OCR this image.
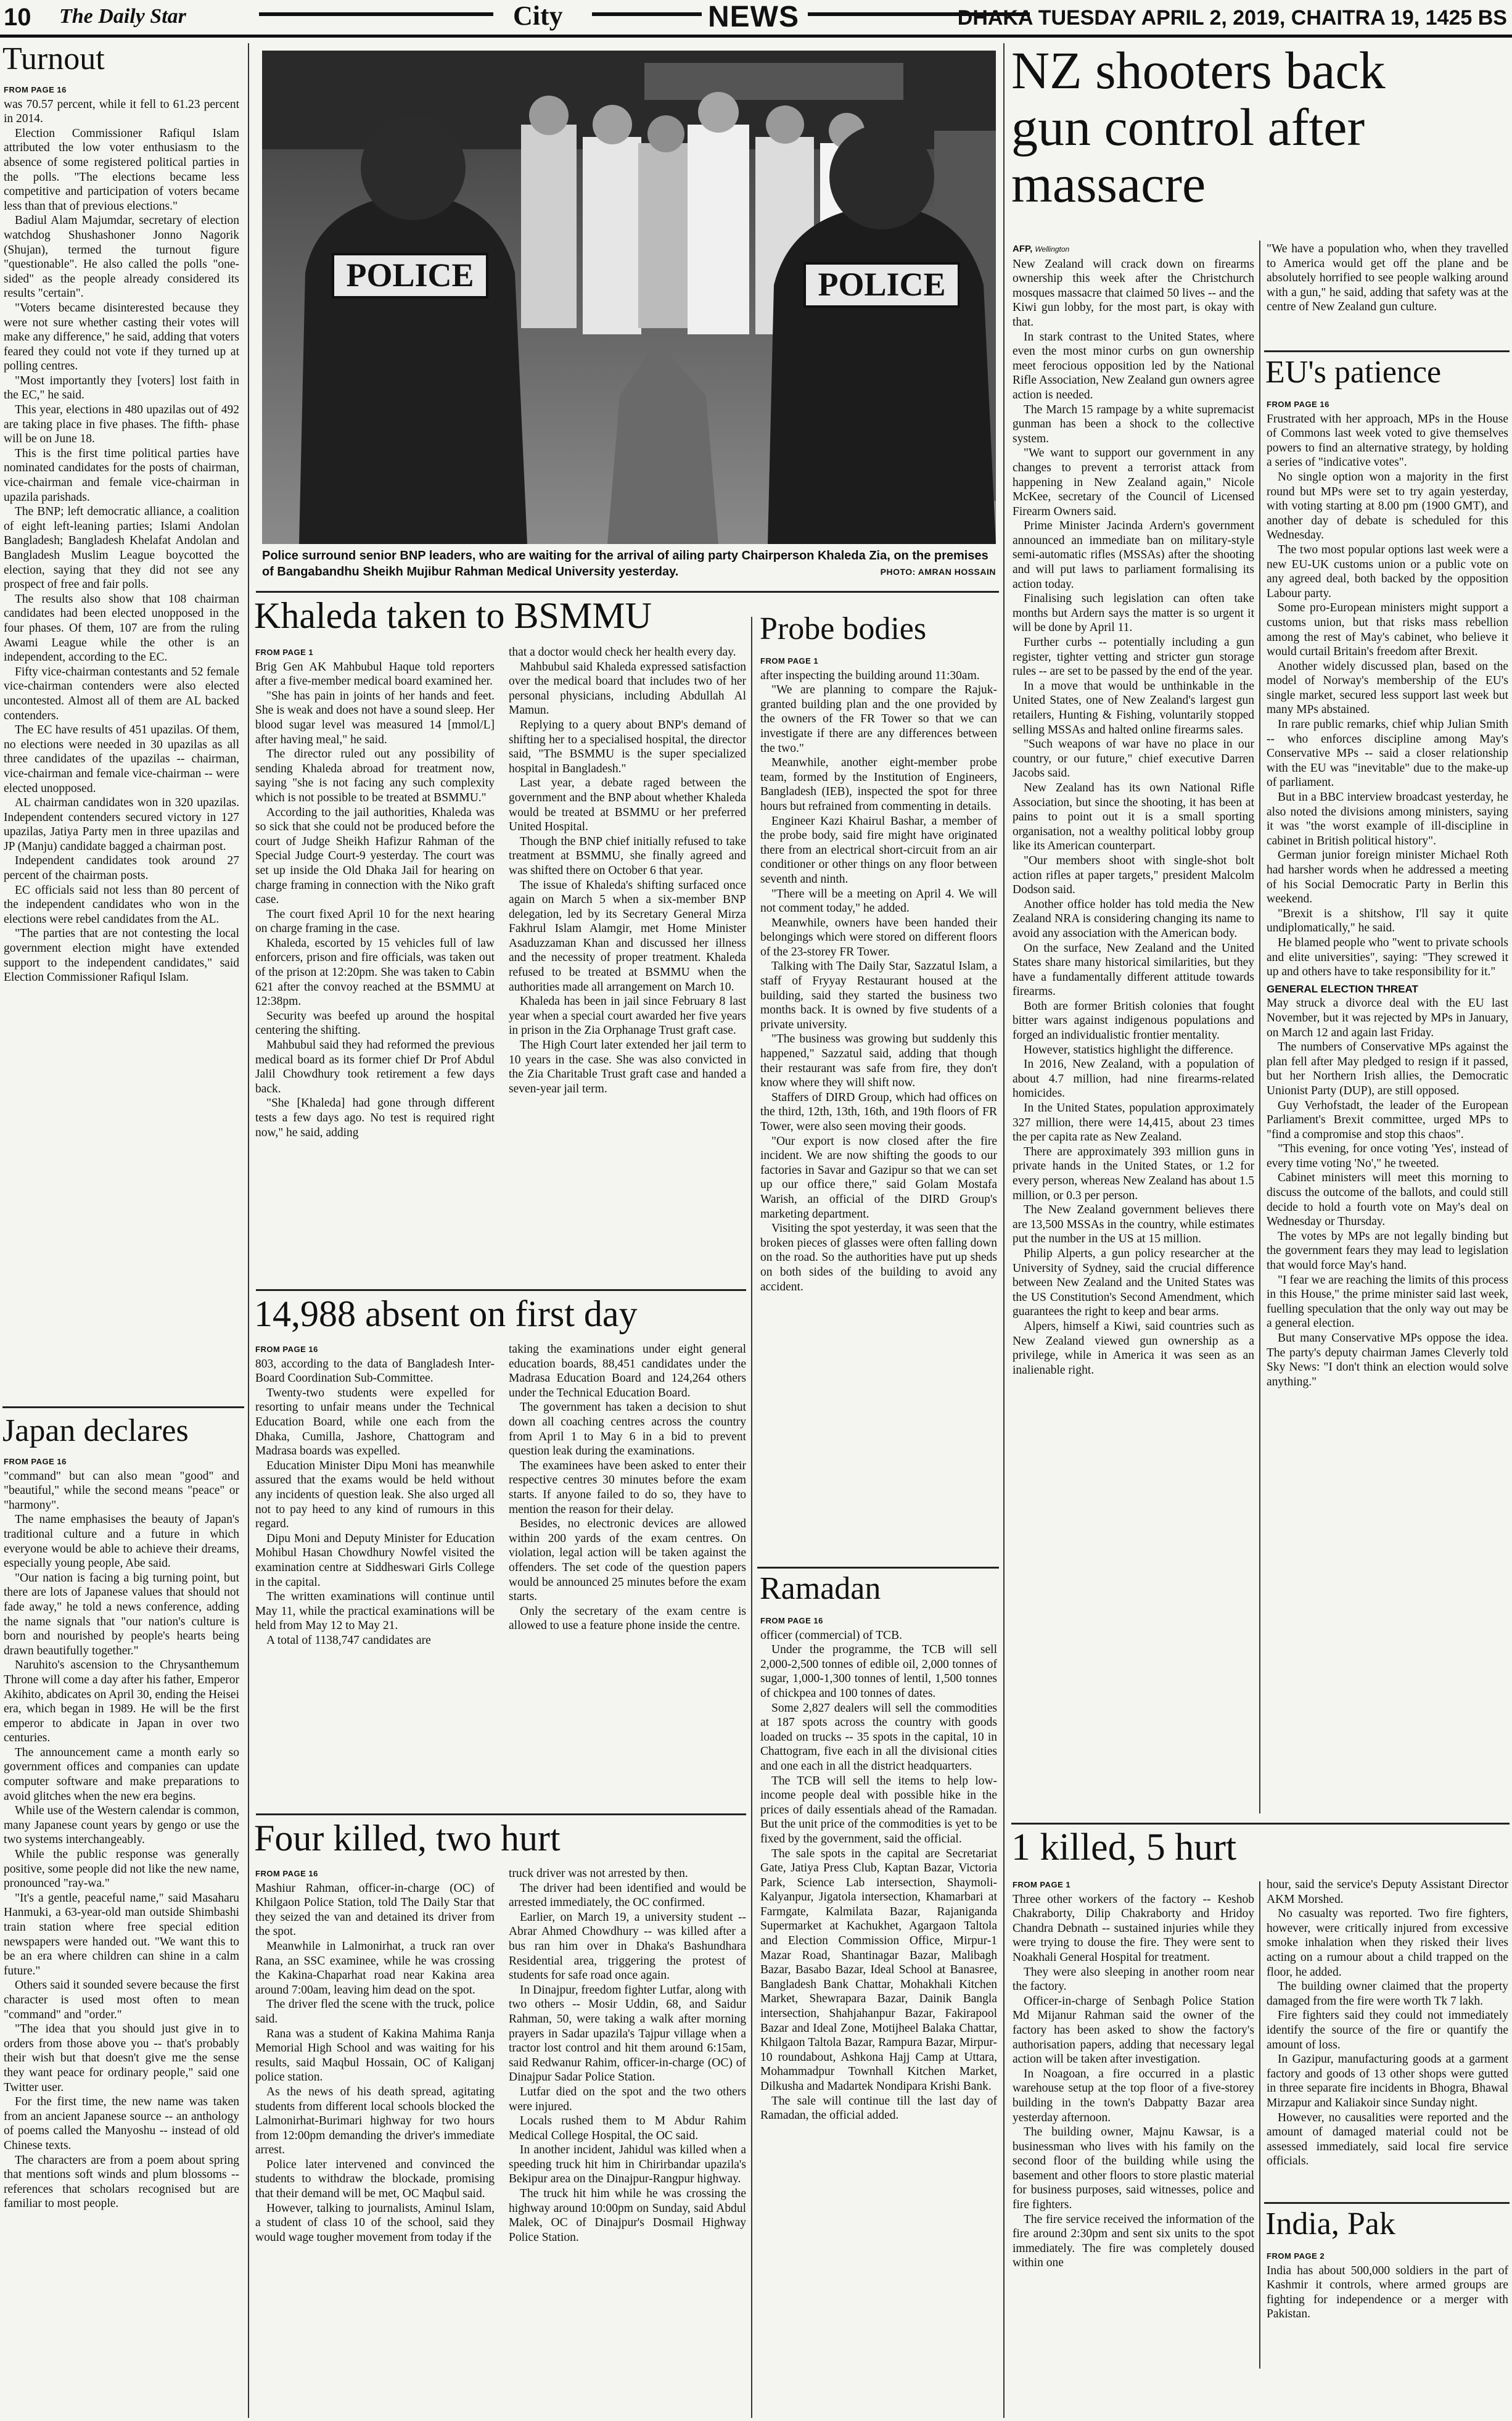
10 The Daily Star	City	NEWS	DHAKA TUESDAY APRIL 2, 2019, CHAITRA 19, 1425 BS
Turnout
FROM PAGE 16

was 70.57 percent, while it fell to 61.23 percent in 2014.

Election Commissioner Rafiqul Islam attributed the low voter enthusiasm to the absence of some registered political parties in the polls. "The elections became less competitive and participation of voters became less than that of previous elections."

Badiul Alam Majumdar, secretary of election watchdog Shushashoner Jonno Nagorik (Shujan), termed the turnout figure "questionable". He also called the polls "one-sided" as the people already considered its results "certain".

"Voters became disinterested because they were not sure whether casting their votes will make any difference," he said, adding that voters feared they could not vote if they turned up at polling centres.

"Most importantly they [voters] lost faith in the EC," he said.

This year, elections in 480 upazilas out of 492 are taking place in five phases. The fifth- phase will be on June 18.

This is the first time political parties have nominated candidates for the posts of chairman, vice-chairman and female vice-chairman in upazila parishads.

The BNP; left democratic alliance, a coalition of eight left-leaning parties; Islami Andolan Bangladesh; Bangladesh Khelafat Andolan and Bangladesh Muslim League boycotted the election, saying that they did not see any prospect of free and fair polls.

The results also show that 108 chairman candidates had been elected unopposed in the four phases. Of them, 107 are from the ruling Awami League while the other is an independent, according to the EC.

Fifty vice-chairman contestants and 52 female vice-chairman contenders were also elected uncontested. Almost all of them are AL backed contenders.

The EC have results of 451 upazilas. Of them, no elections were needed in 30 upazilas as all three candidates of the upazilas -- chairman, vice-chairman and female vice-chairman -- were elected unopposed.

AL chairman candidates won in 320 upazilas. Independent contenders secured victory in 127 upazilas, Jatiya Party men in three upazilas and JP (Manju) candidate bagged a chairman post.

Independent candidates took around 27 percent of the chairman posts.

EC officials said not less than 80 percent of the independent candidates who won in the elections were rebel candidates from the AL.

"The parties that are not contesting the local government election might have extended support to the independent candidates," said Election Commissioner Rafiqul Islam.

Japan declares
FROM PAGE 16

"command" but can also mean "good" and "beautiful," while the second means "peace" or "harmony".

The name emphasises the beauty of Japan's traditional culture and a future in which everyone would be able to achieve their dreams, especially young people, Abe said.

"Our nation is facing a big turning point, but there are lots of Japanese values that should not fade away," he told a news conference, adding the name signals that "our nation's culture is born and nourished by people's hearts being drawn beautifully together."

Naruhito's ascension to the Chrysanthemum Throne will come a day after his father, Emperor Akihito, abdicates on April 30, ending the Heisei era, which began in 1989. He will be the first emperor to abdicate in Japan in over two centuries.

The announcement came a month early so government offices and companies can update computer software and make preparations to avoid glitches when the new era begins.

While use of the Western calendar is common, many Japanese count years by gengo or use the two systems interchangeably.

While the public response was generally positive, some people did not like the new name, pronounced "ray-wa."

"It's a gentle, peaceful name," said Masaharu Hanmuki, a 63-year-old man outside Shimbashi train station where free special edition newspapers were handed out. "We want this to be an era where children can shine in a calm future."

Others said it sounded severe because the first character is used most often to mean "command" and "order."

"The idea that you should just give in to orders from those above you -- that's probably their wish but that doesn't give me the sense they want peace for ordinary people," said one Twitter user.

For the first time, the new name was taken from an ancient Japanese source -- an anthology of poems called the Manyoshu -- instead of old Chinese texts.

The characters are from a poem about spring that mentions soft winds and plum blossoms -- references that scholars recognised but are familiar to most people.

POLICE	POLICE
Police surround senior BNP leaders, who are waiting for the arrival of ailing party Chairperson Khaleda Zia, on the premises of Bangabandhu Sheikh Mujibur Rahman Medical University yesterday.	PHOTO: AMRAN HOSSAIN
Khaleda taken to BSMMU
FROM PAGE 1

Brig Gen AK Mahbubul Haque told reporters after a five-member medical board examined her.

"She has pain in joints of her hands and feet. She is weak and does not have a sound sleep. Her blood sugar level was measured 14 [mmol/L] after having meal," he said.

The director ruled out any possibility of sending Khaleda abroad for treatment now, saying "she is not facing any such complexity which is not possible to be treated at BSMMU."

According to the jail authorities, Khaleda was so sick that she could not be produced before the court of Judge Sheikh Hafizur Rahman of the Special Judge Court-9 yesterday. The court was set up inside the Old Dhaka Jail for hearing on charge framing in connection with the Niko graft case.

The court fixed April 10 for the next hearing on charge framing in the case.

Khaleda, escorted by 15 vehicles full of law enforcers, prison and fire officials, was taken out of the prison at 12:20pm. She was taken to Cabin 621 after the convoy reached at the BSMMU at 12:38pm.

Security was beefed up around the hospital centering the shifting.

Mahbubul said they had reformed the previous medical board as its former chief Dr Prof Abdul Jalil Chowdhury took retirement a few days back.

"She [Khaleda] had gone through different tests a few days ago. No test is required right now," he said, adding

that a doctor would check her health every day.

Mahbubul said Khaleda expressed satisfaction over the medical board that includes two of her personal physicians, including Abdullah Al Mamun.

Replying to a query about BNP's demand of shifting her to a specialised hospital, the director said, "The BSMMU is the super specialized hospital in Bangladesh."

Last year, a debate raged between the government and the BNP about whether Khaleda would be treated at BSMMU or her preferred United Hospital.

Though the BNP chief initially refused to take treatment at BSMMU, she finally agreed and was shifted there on October 6 that year.

The issue of Khaleda's shifting surfaced once again on March 5 when a six-member BNP delegation, led by its Secretary General Mirza Fakhrul Islam Alamgir, met Home Minister Asaduzzaman Khan and discussed her illness and the necessity of proper treatment. Khaleda refused to be treated at BSMMU when the authorities made all arrangement on March 10.

Khaleda has been in jail since February 8 last year when a special court awarded her five years in prison in the Zia Orphanage Trust graft case.

The High Court later extended her jail term to 10 years in the case. She was also convicted in the Zia Charitable Trust graft case and handed a seven-year jail term.

14,988 absent on first day
FROM PAGE 16

803, according to the data of Bangladesh Inter-Board Coordination Sub-Committee.

Twenty-two students were expelled for resorting to unfair means under the Technical Education Board, while one each from the Dhaka, Cumilla, Jashore, Chattogram and Madrasa boards was expelled.

Education Minister Dipu Moni has meanwhile assured that the exams would be held without any incidents of question leak. She also urged all not to pay heed to any kind of rumours in this regard.

Dipu Moni and Deputy Minister for Education Mohibul Hasan Chowdhury Nowfel visited the examination centre at Siddheswari Girls College in the capital.

The written examinations will continue until May 11, while the practical examinations will be held from May 12 to May 21.

A total of 1138,747 candidates are

taking the examinations under eight general education boards, 88,451 candidates under the Madrasa Education Board and 124,264 others under the Technical Education Board.

The government has taken a decision to shut down all coaching centres across the country from April 1 to May 6 in a bid to prevent question leak during the examinations.

The examinees have been asked to enter their respective centres 30 minutes before the exam starts. If anyone failed to do so, they have to mention the reason for their delay.

Besides, no electronic devices are allowed within 200 yards of the exam centres. On violation, legal action will be taken against the offenders. The set code of the question papers would be announced 25 minutes before the exam starts.

Only the secretary of the exam centre is allowed to use a feature phone inside the centre.

Four killed, two hurt
FROM PAGE 16

Mashiur Rahman, officer-in-charge (OC) of Khilgaon Police Station, told The Daily Star that they seized the van and detained its driver from the spot.

Meanwhile in Lalmonirhat, a truck ran over Rana, an SSC examinee, while he was crossing the Kakina-Chaparhat road near Kakina area around 7:00am, leaving him dead on the spot.

The driver fled the scene with the truck, police said.

Rana was a student of Kakina Mahima Ranja Memorial High School and was waiting for his results, said Maqbul Hossain, OC of Kaliganj police station.

As the news of his death spread, agitating students from different local schools blocked the Lalmonirhat-Burimari highway for two hours from 12:00pm demanding the driver's immediate arrest.

Police later intervened and convinced the students to withdraw the blockade, promising that their demand will be met, OC Maqbul said.

However, talking to journalists, Aminul Islam, a student of class 10 of the school, said they would wage tougher movement from today if the

truck driver was not arrested by then.

The driver had been identified and would be arrested immediately, the OC confirmed.

Earlier, on March 19, a university student -- Abrar Ahmed Chowdhury -- was killed after a bus ran him over in Dhaka's Bashundhara Residential area, triggering the protest of students for safe road once again.

In Dinajpur, freedom fighter Lutfar, along with two others -- Mosir Uddin, 68, and Saidur Rahman, 50, were taking a walk after morning prayers in Sadar upazila's Tajpur village when a tractor lost control and hit them around 6:15am, said Redwanur Rahim, officer-in-charge (OC) of Dinajpur Sadar Police Station.

Lutfar died on the spot and the two others were injured.

Locals rushed them to M Abdur Rahim Medical College Hospital, the OC said.

In another incident, Jahidul was killed when a speeding truck hit him in Chirirbandar upazila's Bekipur area on the Dinajpur-Rangpur highway.

The truck hit him while he was crossing the highway around 10:00pm on Sunday, said Abdul Malek, OC of Dinajpur's Dosmail Highway Police Station.

Probe bodies
FROM PAGE 1

after inspecting the building around 11:30am.

"We are planning to compare the Rajuk-granted building plan and the one provided by the owners of the FR Tower so that we can investigate if there are any differences between the two."

Meanwhile, another eight-member probe team, formed by the Institution of Engineers, Bangladesh (IEB), inspected the spot for three hours but refrained from commenting in details.

Engineer Kazi Khairul Bashar, a member of the probe body, said fire might have originated there from an electrical short-circuit from an air conditioner or other things on any floor between seventh and ninth.

"There will be a meeting on April 4. We will not comment today," he added.

Meanwhile, owners have been handed their belongings which were stored on different floors of the 23-storey FR Tower.

Talking with The Daily Star, Sazzatul Islam, a staff of Fryyay Restaurant housed at the building, said they started the business two months back. It is owned by five students of a private university.

"The business was growing but suddenly this happened," Sazzatul said, adding that though their restaurant was safe from fire, they don't know where they will shift now.

Staffers of DIRD Group, which had offices on the third, 12th, 13th, 16th, and 19th floors of FR Tower, were also seen moving their goods.

"Our export is now closed after the fire incident. We are now shifting the goods to our factories in Savar and Gazipur so that we can set up our office there," said Golam Mostafa Warish, an official of the DIRD Group's marketing department.

Visiting the spot yesterday, it was seen that the broken pieces of glasses were often falling down on the road. So the authorities have put up sheds on both sides of the building to avoid any accident.

Ramadan
FROM PAGE 16

officer (commercial) of TCB.

Under the programme, the TCB will sell 2,000-2,500 tonnes of edible oil, 2,000 tonnes of sugar, 1,000-1,300 tonnes of lentil, 1,500 tonnes of chickpea and 100 tonnes of dates.

Some 2,827 dealers will sell the commodities at 187 spots across the country with goods loaded on trucks -- 35 spots in the capital, 10 in Chattogram, five each in all the divisional cities and one each in all the district headquarters.

The TCB will sell the items to help low-income people deal with possible hike in the prices of daily essentials ahead of the Ramadan. But the unit price of the commodities is yet to be fixed by the government, said the official.

The sale spots in the capital are Secretariat Gate, Jatiya Press Club, Kaptan Bazar, Victoria Park, Science Lab intersection, Shaymoli-Kalyanpur, Jigatola intersection, Khamarbari at Farmgate, Kalmilata Bazar, Rajaniganda Supermarket at Kachukhet, Agargaon Taltola and Election Commission Office, Mirpur-1 Mazar Road, Shantinagar Bazar, Malibagh Bazar, Basabo Bazar, Ideal School at Banasree, Bangladesh Bank Chattar, Mohakhali Kitchen Market, Shewrapara Bazar, Dainik Bangla intersection, Shahjahanpur Bazar, Fakirapool Bazar and Ideal Zone, Motijheel Balaka Chattar, Khilgaon Taltola Bazar, Rampura Bazar, Mirpur-10 roundabout, Ashkona Hajj Camp at Uttara, Mohammadpur Townhall Kitchen Market, Dilkusha and Madartek Nondipara Krishi Bank.

The sale will continue till the last day of Ramadan, the official added.

NZ shooters back
gun control after
massacre
AFP, Wellington

New Zealand will crack down on firearms ownership this week after the Christchurch mosques massacre that claimed 50 lives -- and the Kiwi gun lobby, for the most part, is okay with that.

In stark contrast to the United States, where even the most minor curbs on gun ownership meet ferocious opposition led by the National Rifle Association, New Zealand gun owners agree action is needed.

The March 15 rampage by a white supremacist gunman has been a shock to the collective system.

"We want to support our government in any changes to prevent a terrorist attack from happening in New Zealand again," Nicole McKee, secretary of the Council of Licensed Firearm Owners said.

Prime Minister Jacinda Ardern's government announced an immediate ban on military-style semi-automatic rifles (MSSAs) after the shooting and will put laws to parliament formalising its action today.

Finalising such legislation can often take months but Ardern says the matter is so urgent it will be done by April 11.

Further curbs -- potentially including a gun register, tighter vetting and stricter gun storage rules -- are set to be passed by the end of the year.

In a move that would be unthinkable in the United States, one of New Zealand's largest gun retailers, Hunting & Fishing, voluntarily stopped selling MSSAs and halted online firearms sales.

"Such weapons of war have no place in our country, or our future," chief executive Darren Jacobs said.

New Zealand has its own National Rifle Association, but since the shooting, it has been at pains to point out it is a small sporting organisation, not a wealthy political lobby group like its American counterpart.

"Our members shoot with single-shot bolt action rifles at paper targets," president Malcolm Dodson said.

Another office holder has told media the New Zealand NRA is considering changing its name to avoid any association with the American body.

On the surface, New Zealand and the United States share many historical similarities, but they have a fundamentally different attitude towards firearms.

Both are former British colonies that fought bitter wars against indigenous populations and forged an individualistic frontier mentality.

However, statistics highlight the difference.

In 2016, New Zealand, with a population of about 4.7 million, had nine firearms-related homicides.

In the United States, population approximately 327 million, there were 14,415, about 23 times the per capita rate as New Zealand.

There are approximately 393 million guns in private hands in the United States, or 1.2 for every person, whereas New Zealand has about 1.5 million, or 0.3 per person.

The New Zealand government believes there are 13,500 MSSAs in the country, while estimates put the number in the US at 15 million.

Philip Alperts, a gun policy researcher at the University of Sydney, said the crucial difference between New Zealand and the United States was the US Constitution's Second Amendment, which guarantees the right to keep and bear arms.

Alpers, himself a Kiwi, said countries such as New Zealand viewed gun ownership as a privilege, while in America it was seen as an inalienable right.

"We have a population who, when they travelled to America would get off the plane and be absolutely horrified to see people walking around with a gun," he said, adding that safety was at the centre of New Zealand gun culture.

EU's patience
FROM PAGE 16

Frustrated with her approach, MPs in the House of Commons last week voted to give themselves powers to find an alternative strategy, by holding a series of "indicative votes".

No single option won a majority in the first round but MPs were set to try again yesterday, with voting starting at 8.00 pm (1900 GMT), and another day of debate is scheduled for this Wednesday.

The two most popular options last week were a new EU-UK customs union or a public vote on any agreed deal, both backed by the opposition Labour party.

Some pro-European ministers might support a customs union, but that risks mass rebellion among the rest of May's cabinet, who believe it would curtail Britain's freedom after Brexit.

Another widely discussed plan, based on the model of Norway's membership of the EU's single market, secured less support last week but many MPs abstained.

In rare public remarks, chief whip Julian Smith -- who enforces discipline among May's Conservative MPs -- said a closer relationship with the EU was "inevitable" due to the make-up of parliament.

But in a BBC interview broadcast yesterday, he also noted the divisions among ministers, saying it was "the worst example of ill-discipline in cabinet in British political history".

German junior foreign minister Michael Roth had harsher words when he addressed a meeting of his Social Democratic Party in Berlin this weekend.

"Brexit is a shitshow, I'll say it quite undiplomatically," he said.

He blamed people who "went to private schools and elite universities", saying: "They screwed it up and others have to take responsibility for it."

GENERAL ELECTION THREAT

May struck a divorce deal with the EU last November, but it was rejected by MPs in January, on March 12 and again last Friday.

The numbers of Conservative MPs against the plan fell after May pledged to resign if it passed, but her Northern Irish allies, the Democratic Unionist Party (DUP), are still opposed.

Guy Verhofstadt, the leader of the European Parliament's Brexit committee, urged MPs to "find a compromise and stop this chaos".

"This evening, for once voting 'Yes', instead of every time voting 'No'," he tweeted.

Cabinet ministers will meet this morning to discuss the outcome of the ballots, and could still decide to hold a fourth vote on May's deal on Wednesday or Thursday.

The votes by MPs are not legally binding but the government fears they may lead to legislation that would force May's hand.

"I fear we are reaching the limits of this process in this House," the prime minister said last week, fuelling speculation that the only way out may be a general election.

But many Conservative MPs oppose the idea. The party's deputy chairman James Cleverly told Sky News: "I don't think an election would solve anything."

1 killed, 5 hurt
FROM PAGE 1

Three other workers of the factory -- Keshob Chakraborty, Dilip Chakraborty and Hridoy Chandra Debnath -- sustained injuries while they were trying to douse the fire. They were sent to Noakhali General Hospital for treatment.

They were also sleeping in another room near the factory.

Officer-in-charge of Senbagh Police Station Md Mijanur Rahman said the owner of the factory has been asked to show the factory's authorisation papers, adding that necessary legal action will be taken after investigation.

In Noagoan, a fire occurred in a plastic warehouse setup at the top floor of a five-storey building in the town's Dabpatty Bazar area yesterday afternoon.

The building owner, Majnu Kawsar, is a businessman who lives with his family on the second floor of the building while using the basement and other floors to store plastic material for business purposes, said witnesses, police and fire fighters.

The fire service received the information of the fire around 2:30pm and sent six units to the spot immediately. The fire was completely doused within one

hour, said the service's Deputy Assistant Director AKM Morshed.

No casualty was reported. Two fire fighters, however, were critically injured from excessive smoke inhalation when they risked their lives acting on a rumour about a child trapped on the floor, he added.

The building owner claimed that the property damaged from the fire were worth Tk 7 lakh.

Fire fighters said they could not immediately identify the source of the fire or quantify the amount of loss.

In Gazipur, manufacturing goods at a garment factory and goods of 13 other shops were gutted in three separate fire incidents in Bhogra, Bhawal Mirzapur and Kaliakoir since Sunday night.

However, no causalities were reported and the amount of damaged material could not be assessed immediately, said local fire service officials.

India, Pak
FROM PAGE 2

India has about 500,000 soldiers in the part of Kashmir it controls, where armed groups are fighting for independence or a merger with Pakistan.
